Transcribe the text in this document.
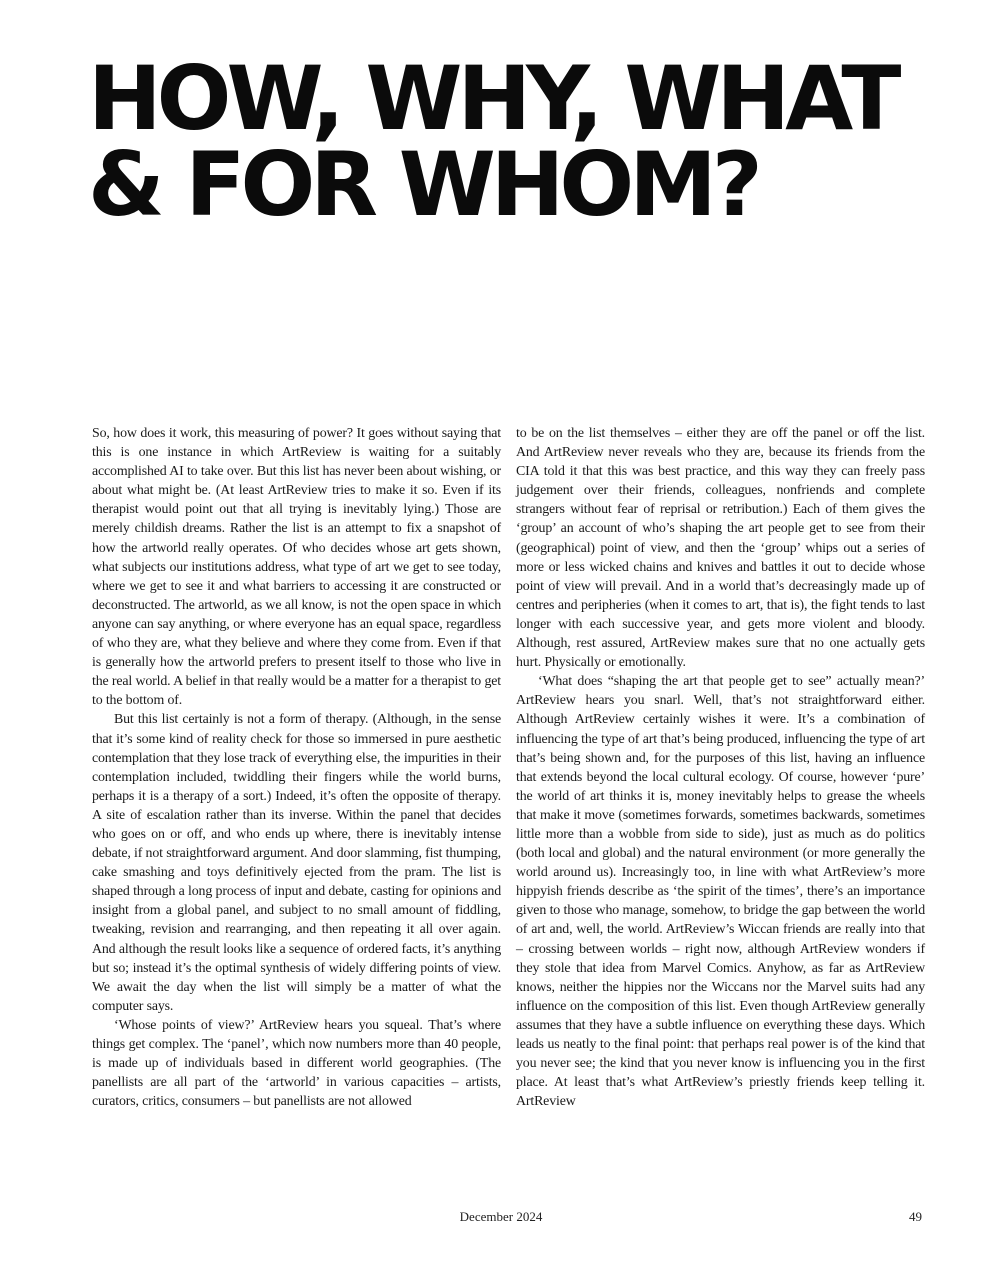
HOW, WHY, WHAT
& FOR WHOM?

So, how does it work, this measuring of power? It goes without saying that this is one instance in which ArtReview is waiting for a suitably accomplished AI to take over. But this list has never been about wishing, or about what might be. (At least ArtReview tries to make it so. Even if its therapist would point out that all trying is inevitably lying.) Those are merely childish dreams. Rather the list is an attempt to fix a snapshot of how the artworld really operates. Of who decides whose art gets shown, what subjects our institutions address, what type of art we get to see today, where we get to see it and what barriers to accessing it are constructed or deconstructed. The artworld, as we all know, is not the open space in which anyone can say anything, or where everyone has an equal space, regardless of who they are, what they believe and where they come from. Even if that is generally how the artworld prefers to present itself to those who live in the real world. A belief in that really would be a matter for a therapist to get to the bottom of.

But this list certainly is not a form of therapy. (Although, in the sense that it’s some kind of reality check for those so immersed in pure aesthetic contemplation that they lose track of everything else, the impurities in their contemplation included, twiddling their fingers while the world burns, perhaps it is a therapy of a sort.) Indeed, it’s often the opposite of therapy. A site of escalation rather than its inverse. Within the panel that decides who goes on or off, and who ends up where, there is inevitably intense debate, if not straightforward argument. And door slamming, fist thumping, cake smashing and toys definitively ejected from the pram. The list is shaped through a long process of input and debate, casting for opinions and insight from a global panel, and subject to no small amount of fiddling, tweaking, revision and rearranging, and then repeating it all over again. And although the result looks like a sequence of ordered facts, it’s anything but so; instead it’s the optimal synthesis of widely differing points of view. We await the day when the list will simply be a matter of what the computer says.

‘Whose points of view?’ ArtReview hears you squeal. That’s where things get complex. The ‘panel’, which now numbers more than 40 people, is made up of individuals based in different world geographies. (The panellists are all part of the ‘artworld’ in various capacities – artists, curators, critics, consumers – but panellists are not allowed

to be on the list themselves – either they are off the panel or off the list. And ArtReview never reveals who they are, because its friends from the CIA told it that this was best practice, and this way they can freely pass judgement over their friends, colleagues, nonfriends and complete strangers without fear of reprisal or retribution.) Each of them gives the ‘group’ an account of who’s shaping the art people get to see from their (geographical) point of view, and then the ‘group’ whips out a series of more or less wicked chains and knives and battles it out to decide whose point of view will prevail. And in a world that’s decreasingly made up of centres and peripheries (when it comes to art, that is), the fight tends to last longer with each successive year, and gets more violent and bloody. Although, rest assured, ArtReview makes sure that no one actually gets hurt. Physically or emotionally.

‘What does “shaping the art that people get to see” actually mean?’ ArtReview hears you snarl. Well, that’s not straightforward either. Although ArtReview certainly wishes it were. It’s a combination of influencing the type of art that’s being produced, influencing the type of art that’s being shown and, for the purposes of this list, having an influence that extends beyond the local cultural ecology. Of course, however ‘pure’ the world of art thinks it is, money inevitably helps to grease the wheels that make it move (sometimes forwards, sometimes backwards, sometimes little more than a wobble from side to side), just as much as do politics (both local and global) and the natural environment (or more generally the world around us). Increasingly too, in line with what ArtReview’s more hippyish friends describe as ‘the spirit of the times’, there’s an importance given to those who manage, somehow, to bridge the gap between the world of art and, well, the world. ArtReview’s Wiccan friends are really into that – crossing between worlds – right now, although ArtReview wonders if they stole that idea from Marvel Comics. Anyhow, as far as ArtReview knows, neither the hippies nor the Wiccans nor the Marvel suits had any influence on the composition of this list. Even though ArtReview generally assumes that they have a subtle influence on everything these days. Which leads us neatly to the final point: that perhaps real power is of the kind that you never see; the kind that you never know is influencing you in the first place. At least that’s what ArtReview’s priestly friends keep telling it. ArtReview

December 2024	49
